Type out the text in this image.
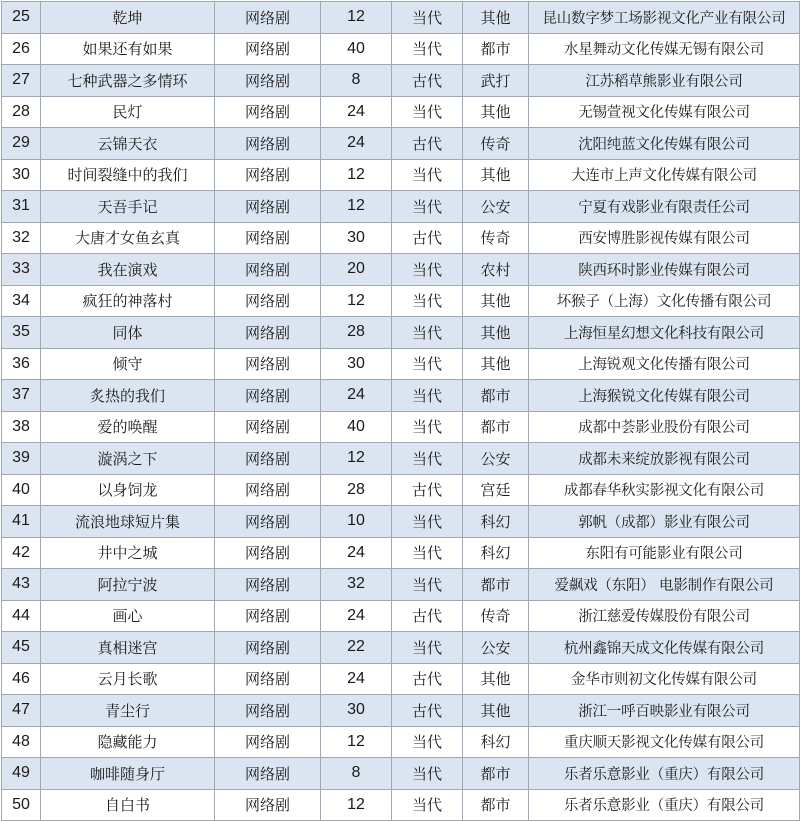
25	乾坤	网络剧	12	当代	其他	昆山数字梦工场影视文化产业有限公司
26	如果还有如果	网络剧	40	当代	都市	水星舞动文化传媒无锡有限公司
27	七种武器之多情环	网络剧	8	古代	武打	江苏稻草熊影业有限公司
28	民灯	网络剧	24	当代	其他	无锡萱视文化传媒有限公司
29	云锦天衣	网络剧	24	古代	传奇	沈阳纯蓝文化传媒有限公司
30	时间裂缝中的我们	网络剧	12	当代	其他	大连市上声文化传媒有限公司
31	天吾手记	网络剧	12	当代	公安	宁夏有戏影业有限责任公司
32	大唐才女鱼玄真	网络剧	30	古代	传奇	西安博胜影视传媒有限公司
33	我在演戏	网络剧	20	当代	农村	陕西环时影业传媒有限公司
34	疯狂的神落村	网络剧	12	当代	其他	坏猴子（上海）文化传播有限公司
35	同体	网络剧	28	当代	其他	上海恒星幻想文化科技有限公司
36	倾守	网络剧	30	当代	其他	上海锐观文化传播有限公司
37	炙热的我们	网络剧	24	当代	都市	上海猴锐文化传媒有限公司
38	爱的唤醒	网络剧	40	当代	都市	成都中荟影业股份有限公司
39	漩涡之下	网络剧	12	当代	公安	成都未来绽放影视有限公司
40	以身饲龙	网络剧	28	古代	宫廷	成都春华秋实影视文化有限公司
41	流浪地球短片集	网络剧	10	当代	科幻	郭帆（成都）影业有限公司
42	井中之城	网络剧	24	当代	科幻	东阳有可能影业有限公司
43	阿拉宁波	网络剧	32	当代	都市	爱飙戏（东阳） 电影制作有限公司
44	画心	网络剧	24	古代	传奇	浙江慈爱传媒股份有限公司
45	真相迷宫	网络剧	22	当代	公安	杭州鑫锦天成文化传媒有限公司
46	云月长歌	网络剧	24	古代	其他	金华市则初文化传媒有限公司
47	青尘行	网络剧	30	古代	其他	浙江一呼百映影业有限公司
48	隐藏能力	网络剧	12	当代	科幻	重庆顺天影视文化传媒有限公司
49	咖啡随身厅	网络剧	8	当代	都市	乐者乐意影业（重庆）有限公司
50	自白书	网络剧	12	当代	都市	乐者乐意影业（重庆）有限公司
